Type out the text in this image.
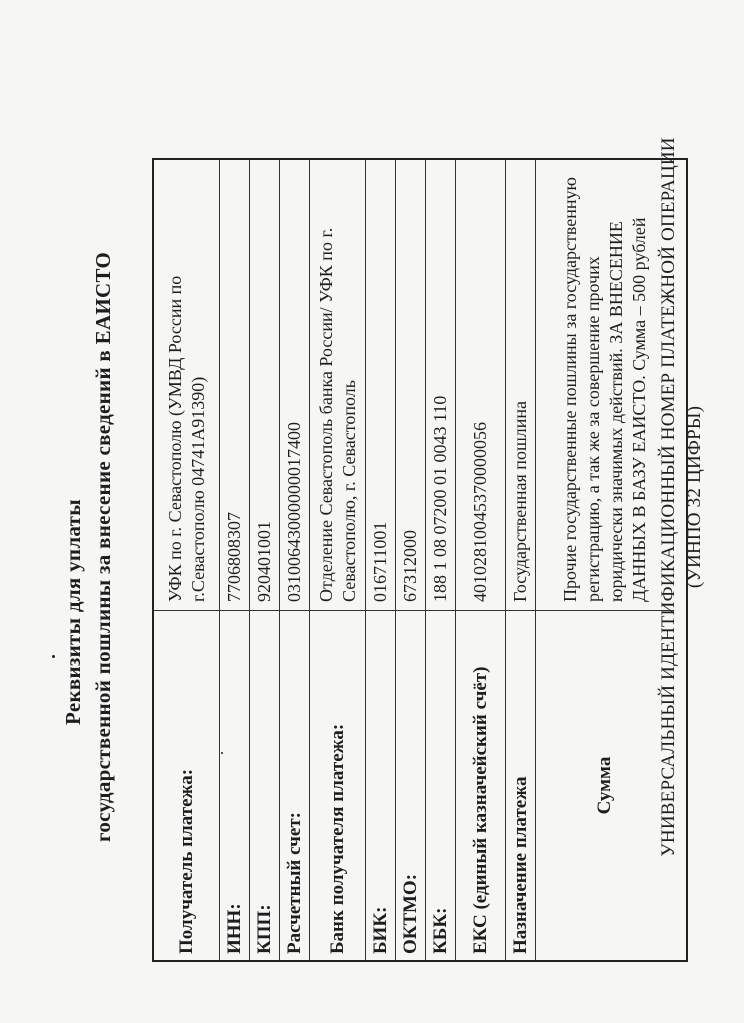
Реквизиты для уплаты государственной пошлины за внесение сведений в ЕАИСТО
Получатель платежа:
УФК по г. Севастополю (УМВД России по г.Севастополю 04741А91390)
ИНН:
7706808307
КПП:
920401001
Расчетный счет:
03100643000000017400
Банк получателя платежа:
Отделение Севастополь банка России/ УФК по г. Севастополю, г. Севастополь
БИК:
016711001
ОКТМО:
67312000
КБК:
188 1 08 07200 01 0043 110
ЕКС (единый казначейский счёт)
40102810045370000056
Назначение платежа
Государственная пошлина
Сумма
Прочие государственные пошлины за государственную регистрацию, а так же за совершение прочих юридически значимых действий. ЗА ВНЕСЕНИЕ ДАННЫХ В БАЗУ ЕАИСТО. Сумма – 500 рублей УНИВЕРСАЛЬНЫЙ ИДЕНТИФИКАЦИОННЫЙ НОМЕР ПЛАТЕЖНОЙ ОПЕРАЦИИ (УИНПО 32 ЦИФРЫ)
